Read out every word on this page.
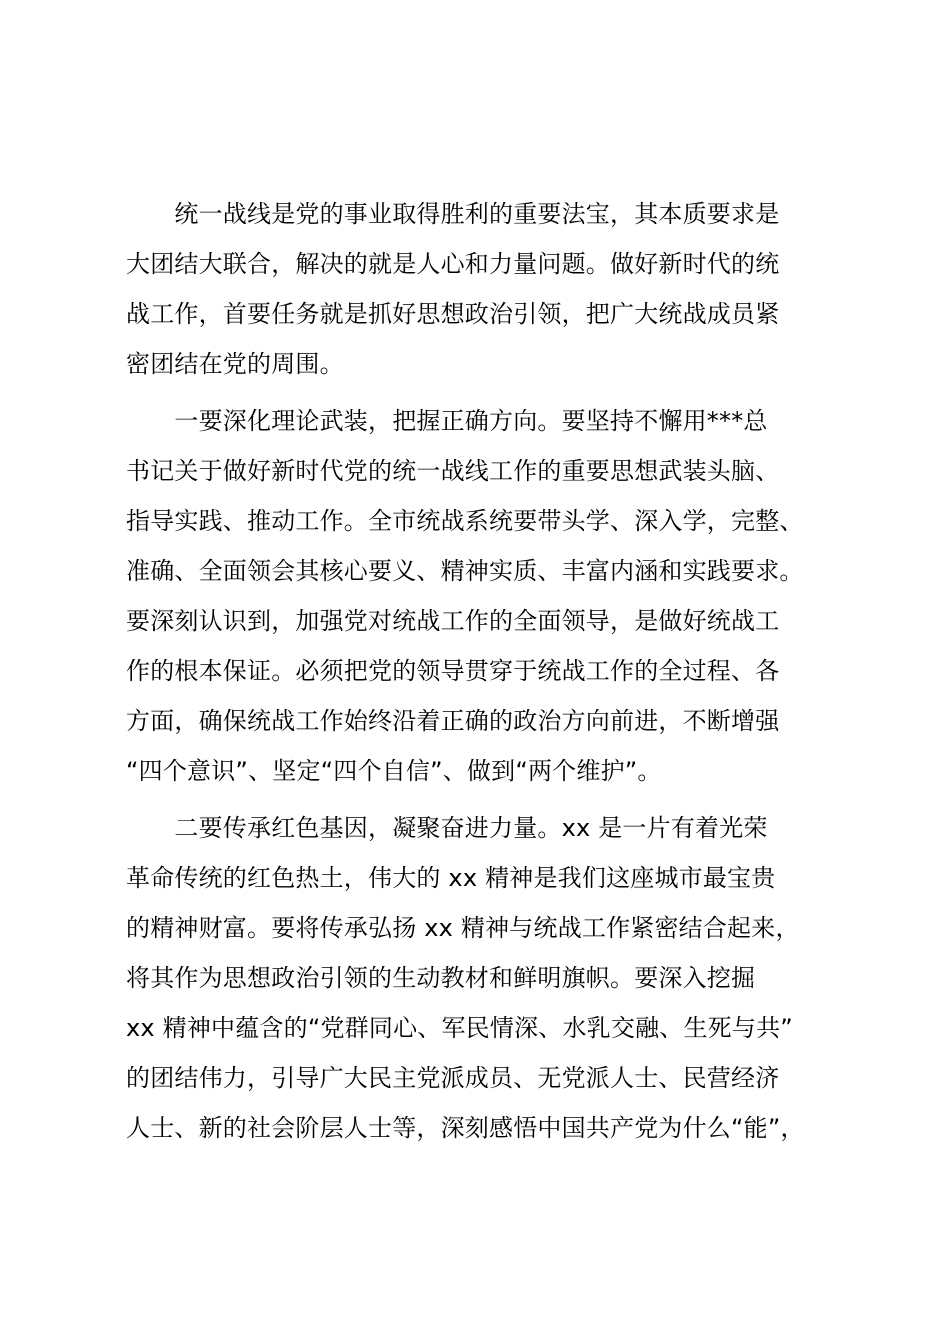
　　统一战线是党的事业取得胜利的重要法宝，其本质要求是
大团结大联合，解决的就是人心和力量问题。做好新时代的统
战工作，首要任务就是抓好思想政治引领，把广大统战成员紧
密团结在党的周围。
　　一要深化理论武装，把握正确方向。要坚持不懈用***总
书记关于做好新时代党的统一战线工作的重要思想武装头脑、
指导实践、推动工作。全市统战系统要带头学、深入学，完整、
准确、全面领会其核心要义、精神实质、丰富内涵和实践要求。
要深刻认识到，加强党对统战工作的全面领导，是做好统战工
作的根本保证。必须把党的领导贯穿于统战工作的全过程、各
方面，确保统战工作始终沿着正确的政治方向前进，不断增强
“四个意识”、坚定“四个自信”、做到“两个维护”。
　　二要传承红色基因，凝聚奋进力量。xx 是一片有着光荣
革命传统的红色热土，伟大的 xx 精神是我们这座城市最宝贵
的精神财富。要将传承弘扬 xx 精神与统战工作紧密结合起来，
将其作为思想政治引领的生动教材和鲜明旗帜。要深入挖掘
xx 精神中蕴含的“党群同心、军民情深、水乳交融、生死与共”
的团结伟力，引导广大民主党派成员、无党派人士、民营经济
人士、新的社会阶层人士等，深刻感悟中国共产党为什么“能”，
